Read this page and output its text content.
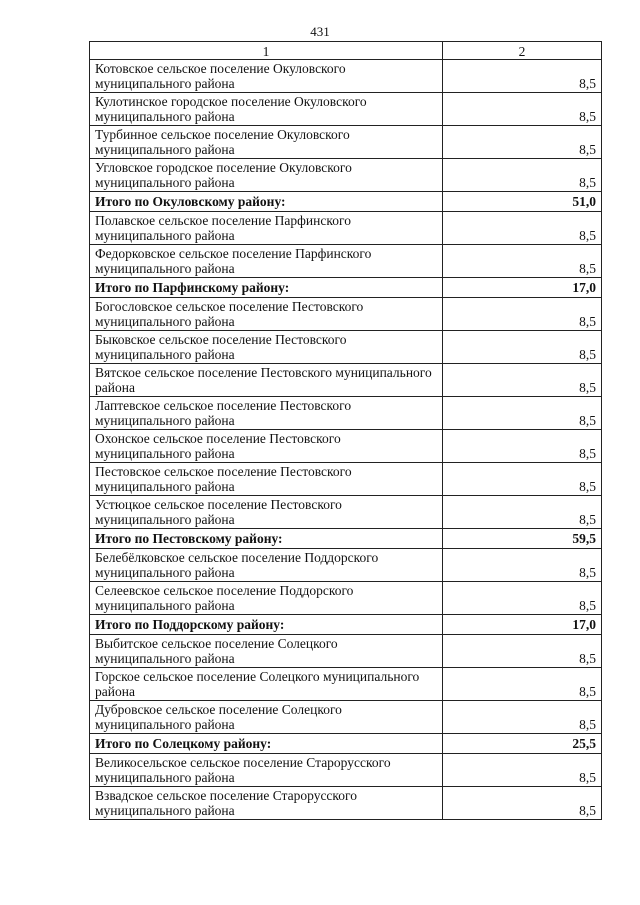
431
1	2
Котовское сельское поселение Окуловского муниципального района	8,5
Кулотинское городское поселение Окуловского муниципального района	8,5
Турбинное сельское поселение Окуловского муниципального района	8,5
Угловское городское поселение Окуловского муниципального района	8,5
Итого по Окуловскому району:	51,0
Полавское сельское поселение Парфинского муниципального района	8,5
Федорковское сельское поселение Парфинского муниципального района	8,5
Итого по Парфинскому району:	17,0
Богословское сельское поселение Пестовского муниципального района	8,5
Быковское сельское поселение Пестовского муниципального района	8,5
Вятское сельское поселение Пестовского муниципального района	8,5
Лаптевское сельское поселение Пестовского муниципального района	8,5
Охонское сельское поселение Пестовского муниципального района	8,5
Пестовское сельское поселение Пестовского муниципального района	8,5
Устюцкое сельское поселение Пестовского муниципального района	8,5
Итого по Пестовскому району:	59,5
Белебёлковское сельское поселение Поддорского муниципального района	8,5
Селеевское сельское поселение Поддорского муниципального района	8,5
Итого по Поддорскому району:	17,0
Выбитское сельское поселение Солецкого муниципального района	8,5
Горское сельское поселение Солецкого муниципального района	8,5
Дубровское сельское поселение Солецкого муниципального района	8,5
Итого по Солецкому району:	25,5
Великосельское сельское поселение Старорусского муниципального района	8,5
Взвадское сельское поселение Старорусского муниципального района	8,5
